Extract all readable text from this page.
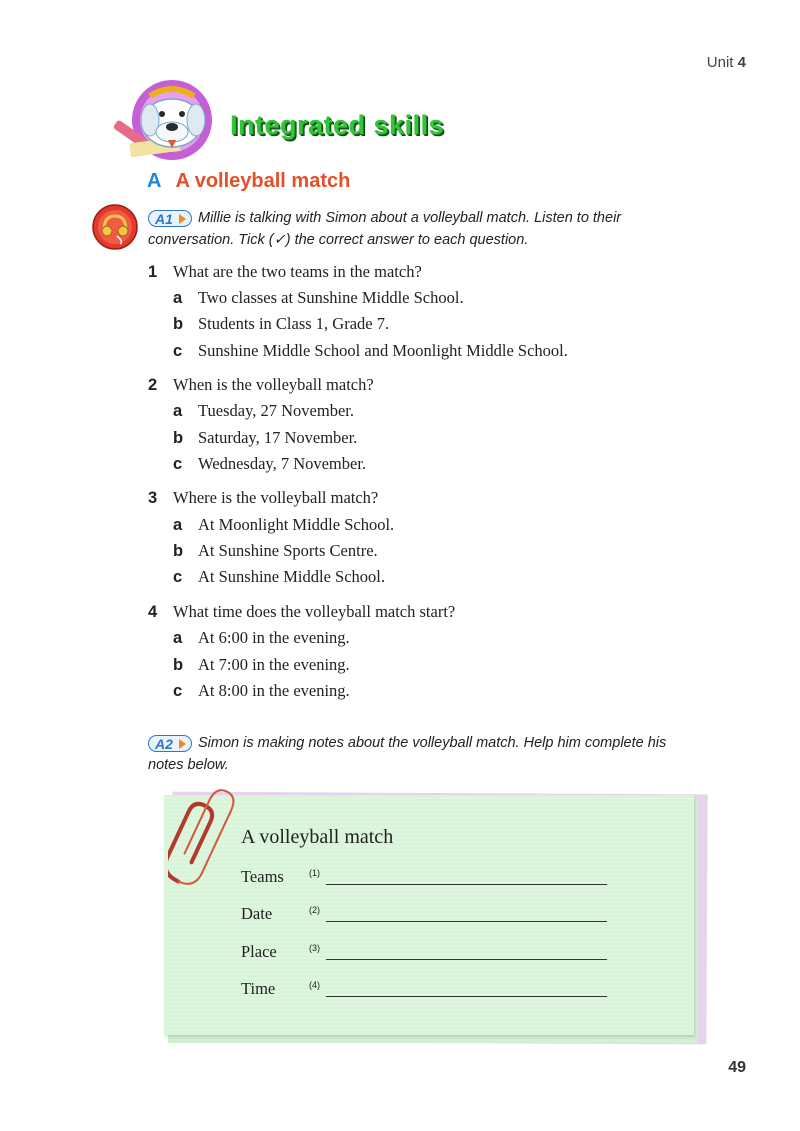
Unit 4
Integrated skills
A A volleyball match
A1 Millie is talking with Simon about a volleyball match. Listen to their
conversation. Tick (✓) the correct answer to each question.
1 What are the two teams in the match?
a Two classes at Sunshine Middle School.
b Students in Class 1, Grade 7.
c Sunshine Middle School and Moonlight Middle School.
2 When is the volleyball match?
a Tuesday, 27 November.
b Saturday, 17 November.
c Wednesday, 7 November.
3 Where is the volleyball match?
a At Moonlight Middle School.
b At Sunshine Sports Centre.
c At Sunshine Middle School.
4 What time does the volleyball match start?
a At 6:00 in the evening.
b At 7:00 in the evening.
c At 8:00 in the evening.
A2 Simon is making notes about the volleyball match. Help him complete his
notes below.
A volleyball match
Teams	$^{(1)}$
Date	$^{(2)}$
Place	$^{(3)}$
Time	$^{(4)}$
49
